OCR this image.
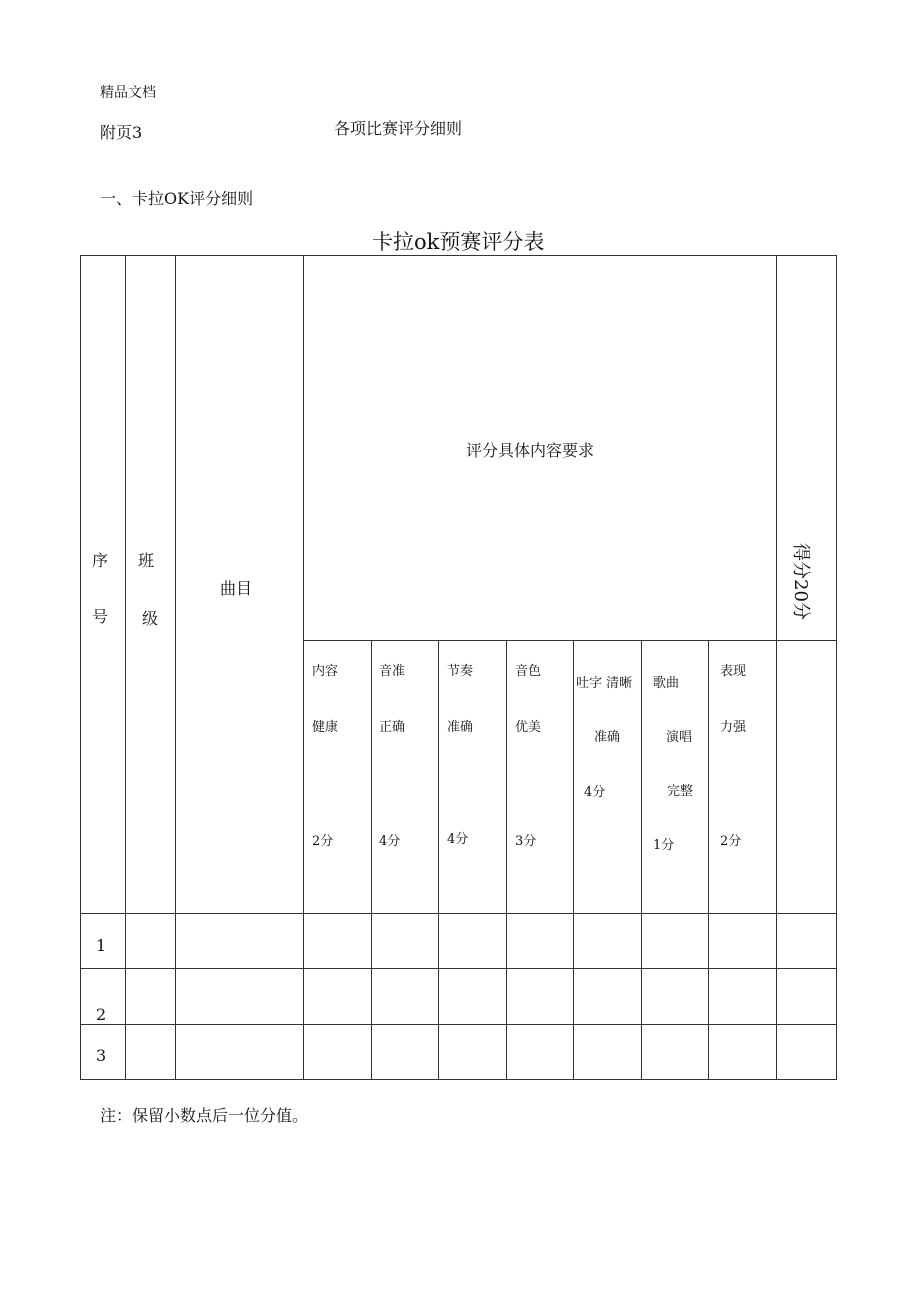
精品文档
附页3	各项比赛评分细则
一、卡拉OK评分细则
卡拉ok预赛评分表
序
号
班
级
曲目
评分具体内容要求
得分20分
内容
健康
2分
音准
正确
4分
节奏
准确
4分
音色
优美
3分
吐字 清晰
准确
4分
歌曲
演唱
完整
1分
表现
力强
2分
1
2
3
注：保留小数点后一位分值。
